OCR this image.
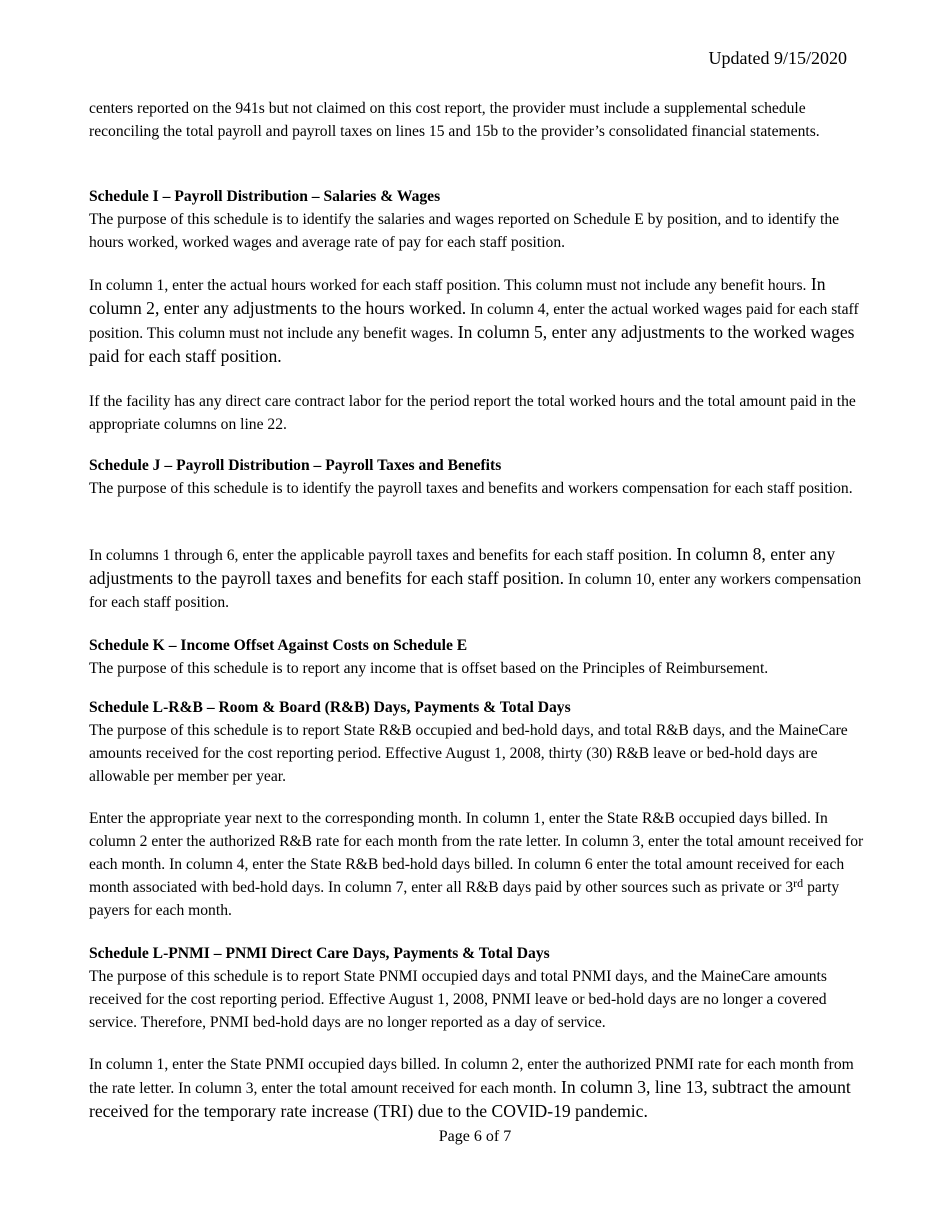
Updated 9/15/2020

centers reported on the 941s but not claimed on this cost report, the provider must include a supplemental schedule reconciling the total payroll and payroll taxes on lines 15 and 15b to the provider’s consolidated financial statements.

Schedule I – Payroll Distribution – Salaries & Wages

The purpose of this schedule is to identify the salaries and wages reported on Schedule E by position, and to identify the hours worked, worked wages and average rate of pay for each staff position.

In column 1, enter the actual hours worked for each staff position. This column must not include any benefit hours. In column 2, enter any adjustments to the hours worked. In column 4, enter the actual worked wages paid for each staff position. This column must not include any benefit wages. In column 5, enter any adjustments to the worked wages paid for each staff position.

If the facility has any direct care contract labor for the period report the total worked hours and the total amount paid in the appropriate columns on line 22.

Schedule J – Payroll Distribution – Payroll Taxes and Benefits

The purpose of this schedule is to identify the payroll taxes and benefits and workers compensation for each staff position.

In columns 1 through 6, enter the applicable payroll taxes and benefits for each staff position. In column 8, enter any adjustments to the payroll taxes and benefits for each staff position. In column 10, enter any workers compensation for each staff position.

Schedule K – Income Offset Against Costs on Schedule E

The purpose of this schedule is to report any income that is offset based on the Principles of Reimbursement.

Schedule L-R&B – Room & Board (R&B) Days, Payments & Total Days

The purpose of this schedule is to report State R&B occupied and bed-hold days, and total R&B days, and the MaineCare amounts received for the cost reporting period. Effective August 1, 2008, thirty (30) R&B leave or bed-hold days are allowable per member per year.

Enter the appropriate year next to the corresponding month. In column 1, enter the State R&B occupied days billed. In column 2 enter the authorized R&B rate for each month from the rate letter. In column 3, enter the total amount received for each month. In column 4, enter the State R&B bed-hold days billed. In column 6 enter the total amount received for each month associated with bed-hold days. In column 7, enter all R&B days paid by other sources such as private or 3rd party payers for each month.

Schedule L-PNMI – PNMI Direct Care Days, Payments & Total Days

The purpose of this schedule is to report State PNMI occupied days and total PNMI days, and the MaineCare amounts received for the cost reporting period. Effective August 1, 2008, PNMI leave or bed-hold days are no longer a covered service. Therefore, PNMI bed-hold days are no longer reported as a day of service.

In column 1, enter the State PNMI occupied days billed. In column 2, enter the authorized PNMI rate for each month from the rate letter. In column 3, enter the total amount received for each month. In column 3, line 13, subtract the amount received for the temporary rate increase (TRI) due to the COVID-19 pandemic.

Page 6 of 7
